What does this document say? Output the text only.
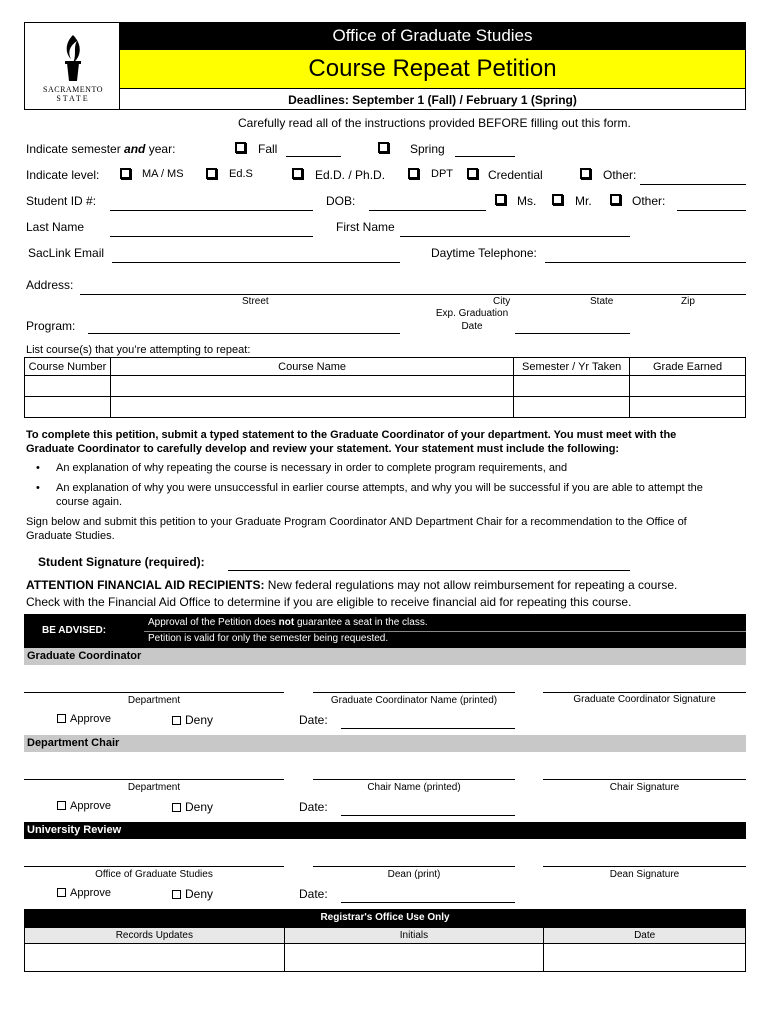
SACRAMENTO
STATE
Office of Graduate Studies
Course Repeat Petition
Deadlines: September 1 (Fall) / February 1 (Spring)
Carefully read all of the instructions provided BEFORE filling out this form.
Indicate semester and year:	Fall	Spring
Indicate level:	MA / MS	Ed.S	Ed.D. / Ph.D.	DPT	Credential	Other:
Student ID #:	DOB:	Ms.	Mr.	Other:
Last Name	First Name
SacLink Email	Daytime Telephone:
Address:
Street	City	State	Zip
Program:
Exp. Graduation
Date
List course(s) that you’re attempting to repeat:
Course Number	Course Name	Semester / Yr Taken	Grade Earned

To complete this petition, submit a typed statement to the Graduate Coordinator of your department. You must meet with the Graduate Coordinator to carefully develop and review your statement. Your statement must include the following:
• An explanation of why repeating the course is necessary in order to complete program requirements, and
• An explanation of why you were unsuccessful in earlier course attempts, and why you will be successful if you are able to attempt the course again.
Sign below and submit this petition to your Graduate Program Coordinator AND Department Chair for a recommendation to the Office of Graduate Studies.
Student Signature (required):
ATTENTION FINANCIAL AID RECIPIENTS: New federal regulations may not allow reimbursement for repeating a course.
Check with the Financial Aid Office to determine if you are eligible to receive financial aid for repeating this course.
BE ADVISED:
Approval of the Petition does not guarantee a seat in the class.
Petition is valid for only the semester being requested.
Graduate Coordinator
Department	Graduate Coordinator Name (printed)	Graduate Coordinator Signature
Approve	Deny	Date:
Department Chair
Department	Chair Name (printed)	Chair Signature
Approve	Deny	Date:
University Review
Office of Graduate Studies	Dean (print)	Dean Signature
Approve	Deny	Date:
Registrar's Office Use Only
Records Updates	Initials	Date
